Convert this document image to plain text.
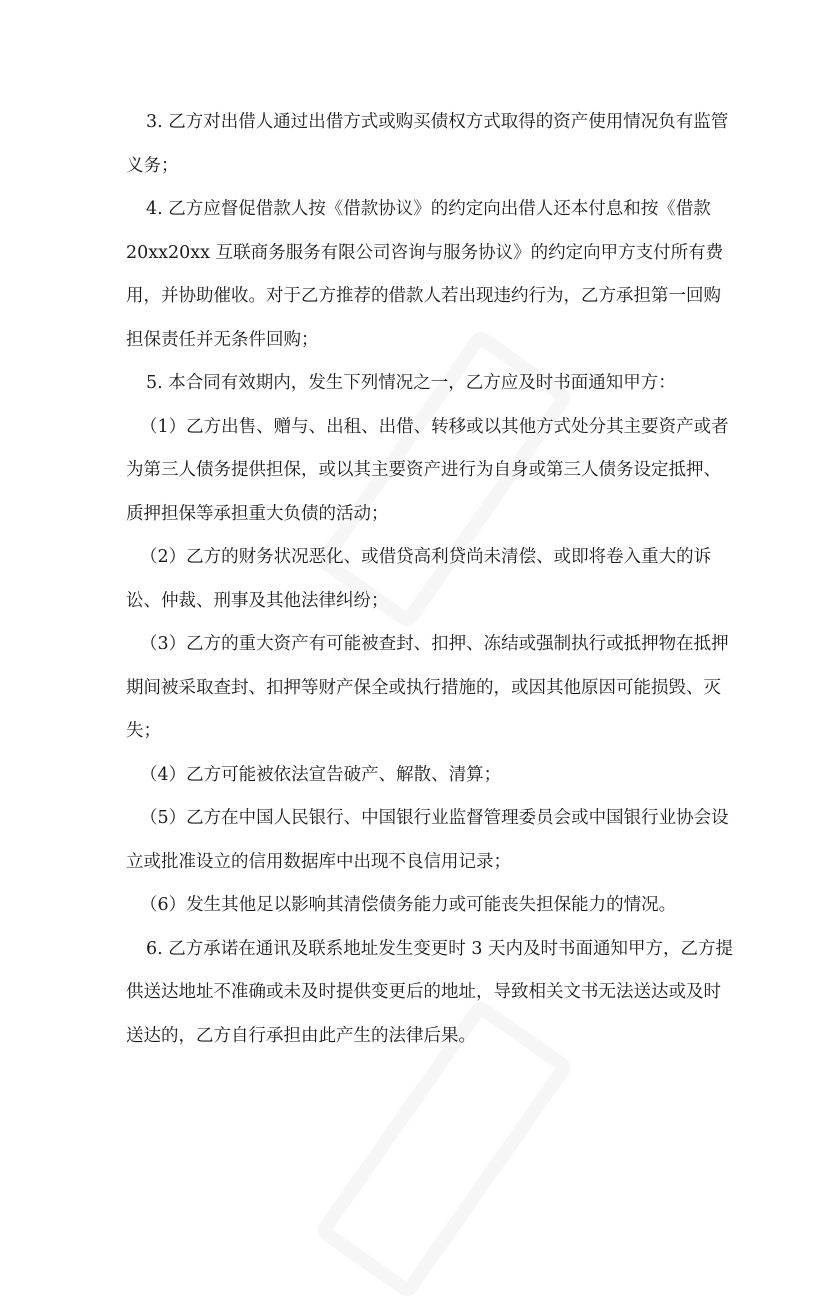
3. 乙方对出借人通过出借方式或购买债权方式取得的资产使用情况负有监管
义务；
4. 乙方应督促借款人按《借款协议》的约定向出借人还本付息和按《借款
20xx20xx 互联商务服务有限公司咨询与服务协议》的约定向甲方支付所有费
用，并协助催收。对于乙方推荐的借款人若出现违约行为，乙方承担第一回购
担保责任并无条件回购；
5. 本合同有效期内，发生下列情况之一，乙方应及时书面通知甲方：
（1）乙方出售、赠与、出租、出借、转移或以其他方式处分其主要资产或者
为第三人债务提供担保，或以其主要资产进行为自身或第三人债务设定抵押、
质押担保等承担重大负债的活动；
（2）乙方的财务状况恶化、或借贷高利贷尚未清偿、或即将卷入重大的诉
讼、仲裁、刑事及其他法律纠纷；
（3）乙方的重大资产有可能被查封、扣押、冻结或强制执行或抵押物在抵押
期间被采取查封、扣押等财产保全或执行措施的，或因其他原因可能损毁、灭
失；
（4）乙方可能被依法宣告破产、解散、清算；
（5）乙方在中国人民银行、中国银行业监督管理委员会或中国银行业协会设
立或批准设立的信用数据库中出现不良信用记录；
（6）发生其他足以影响其清偿债务能力或可能丧失担保能力的情况。
6. 乙方承诺在通讯及联系地址发生变更时 3 天内及时书面通知甲方，乙方提
供送达地址不准确或未及时提供变更后的地址，导致相关文书无法送达或及时
送达的，乙方自行承担由此产生的法律后果。
